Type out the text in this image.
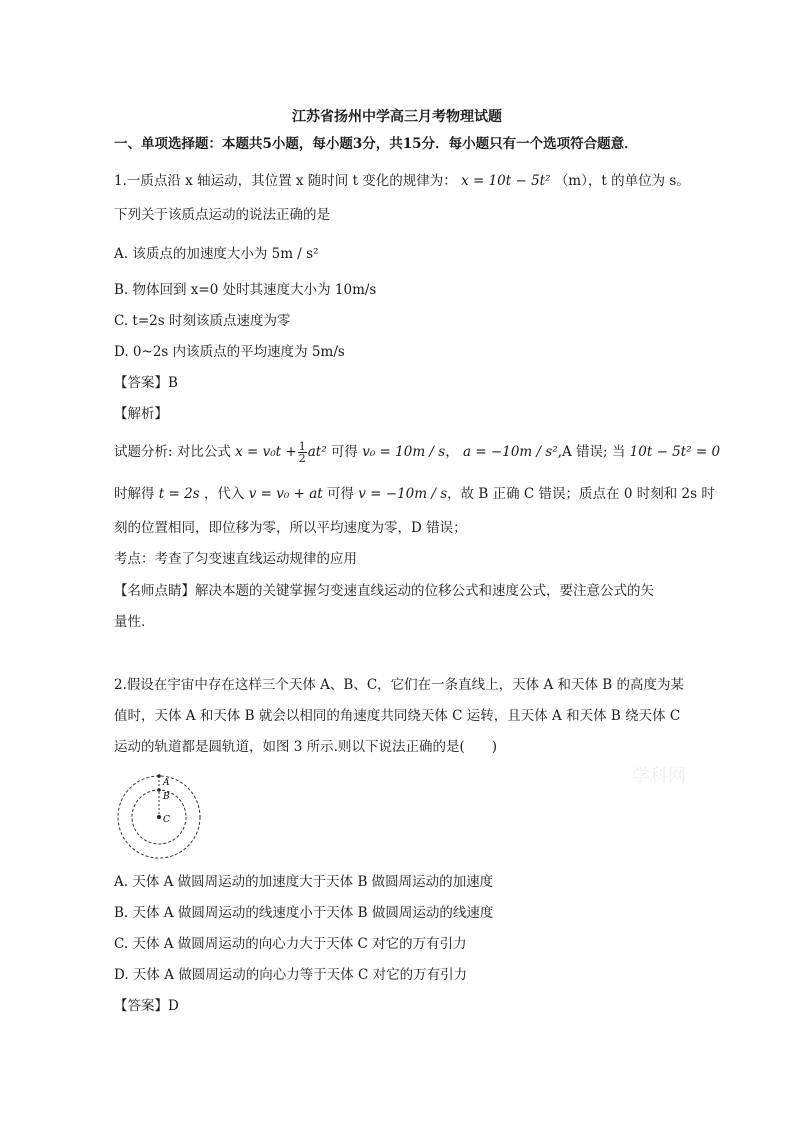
江苏省扬州中学高三月考物理试题
一、单项选择题：本题共5小题，每小题3分，共15分．每小题只有一个选项符合题意．
1.一质点沿 x 轴运动，其位置 x 随时间 t 变化的规律为： x = 10t − 5t² （m），t 的单位为 s。
下列关于该质点运动的说法正确的是
A. 该质点的加速度大小为 5m / s²
B. 物体回到 x=0 处时其速度大小为 10m/s
C. t=2s 时刻该质点速度为零
D. 0~2s 内该质点的平均速度为 5m/s
【答案】B
【解析】
试题分析: 对比公式 $x = v_0t + \frac{1}{2} at^2$ 可得 v₀ = 10m / s， a = −10m / s²,A 错误; 当 10t − 5t² = 0
时解得 t = 2s ，代入 v = v₀ + at 可得 v = −10m / s，故 B 正确 C 错误；质点在 0 时刻和 2s 时
刻的位置相同，即位移为零，所以平均速度为零，D 错误；
考点：考查了匀变速直线运动规律的应用
【名师点睛】解决本题的关键掌握匀变速直线运动的位移公式和速度公式，要注意公式的矢
量性．
2.假设在宇宙中存在这样三个天体 A、B、C，它们在一条直线上，天体 A 和天体 B 的高度为某
值时，天体 A 和天体 B 就会以相同的角速度共同绕天体 C 运转，且天体 A 和天体 B 绕天体 C
运动的轨道都是圆轨道，如图 3 所示.则以下说法正确的是(　　)
A
B
C
学科网
A. 天体 A 做圆周运动的加速度大于天体 B 做圆周运动的加速度
B. 天体 A 做圆周运动的线速度小于天体 B 做圆周运动的线速度
C. 天体 A 做圆周运动的向心力大于天体 C 对它的万有引力
D. 天体 A 做圆周运动的向心力等于天体 C 对它的万有引力
【答案】D
